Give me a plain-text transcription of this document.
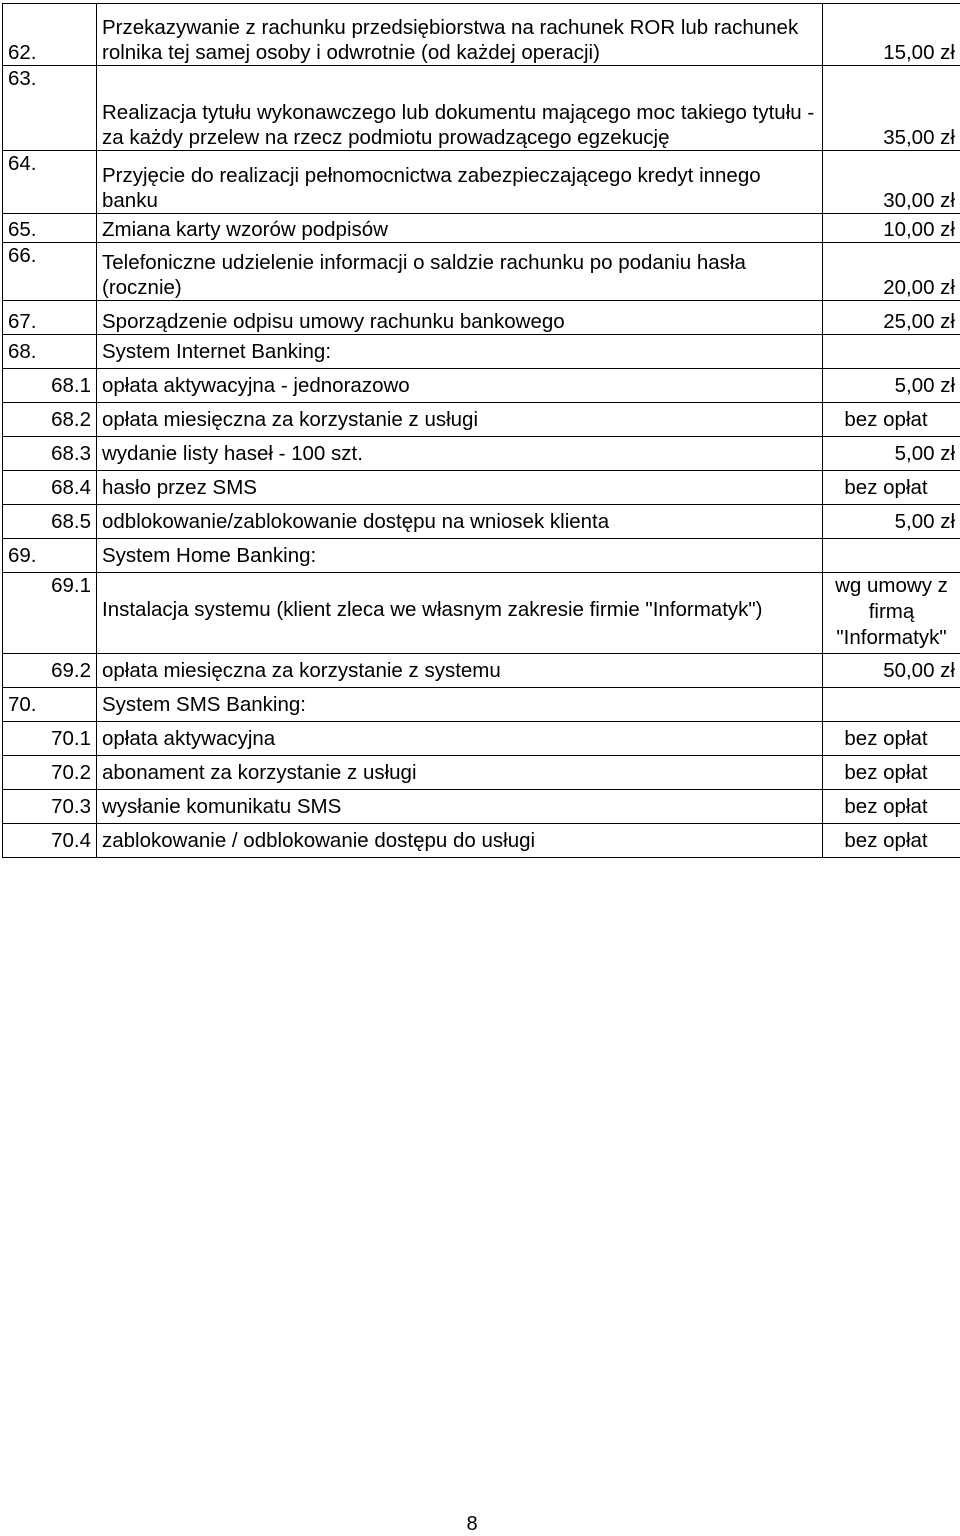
62.	Przekazywanie z rachunku przedsiębiorstwa na rachunek ROR lub rachunek rolnika tej samej osoby i odwrotnie (od każdej operacji)	15,00 zł
63.	Realizacja tytułu wykonawczego lub dokumentu mającego moc takiego tytułu - za każdy przelew na rzecz podmiotu prowadzącego egzekucję	35,00 zł
64.	Przyjęcie do realizacji pełnomocnictwa zabezpieczającego kredyt innego banku	30,00 zł
65.	Zmiana karty wzorów podpisów	10,00 zł
66.	Telefoniczne udzielenie informacji o saldzie rachunku po podaniu hasła (rocznie)	20,00 zł
67.	Sporządzenie odpisu umowy rachunku bankowego	25,00 zł
68.	System Internet Banking:	
68.1	opłata aktywacyjna - jednorazowo	5,00 zł
68.2	opłata miesięczna za korzystanie z usługi	bez opłat
68.3	wydanie listy haseł - 100 szt.	5,00 zł
68.4	hasło przez SMS	bez opłat
68.5	odblokowanie/zablokowanie dostępu na wniosek klienta	5,00 zł
69.	System Home Banking:	
69.1	Instalacja systemu (klient zleca we własnym zakresie firmie "Informatyk")	wg umowy z firmą "Informatyk"
69.2	opłata miesięczna za korzystanie z systemu	50,00 zł
70.	System SMS Banking:	
70.1	opłata aktywacyjna	bez opłat
70.2	abonament za korzystanie z usługi	bez opłat
70.3	wysłanie komunikatu SMS	bez opłat
70.4	zablokowanie / odblokowanie dostępu do usługi	bez opłat
8
